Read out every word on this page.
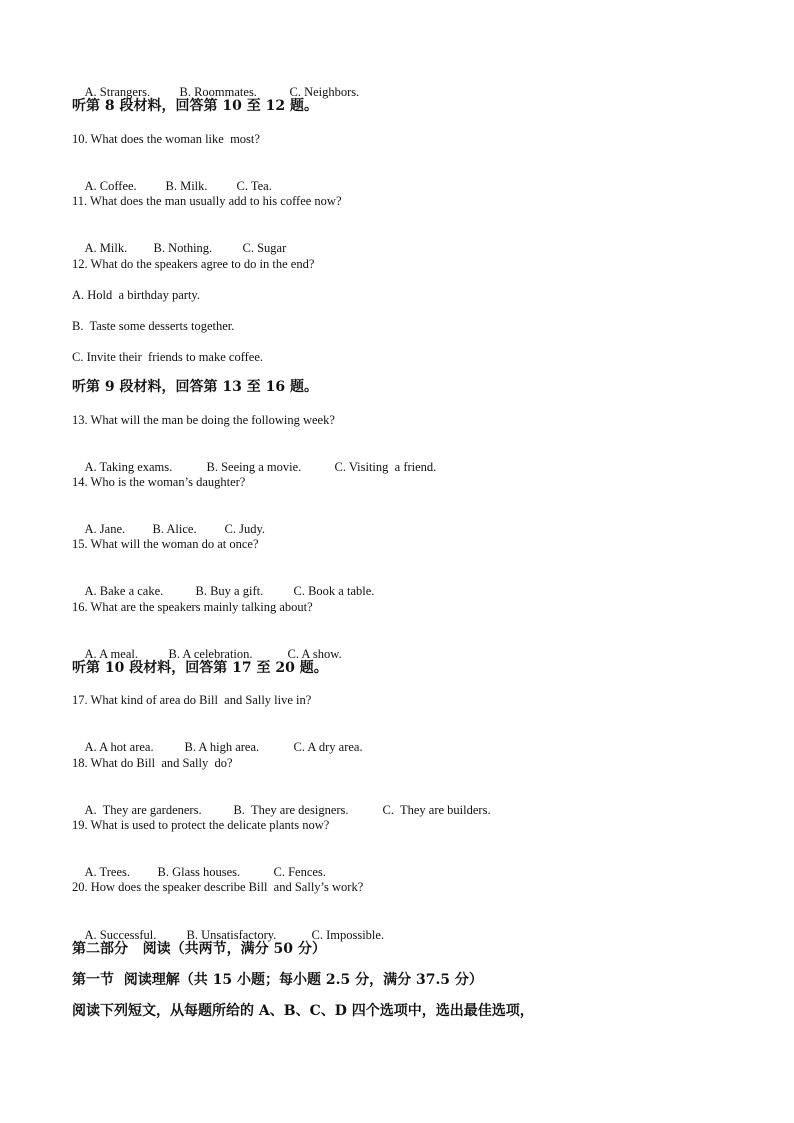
A. Strangers. B. Roommates.	C. Neighbors.

听第 8 段材料，回答第 10 至 12 题。
10. What does the woman like  most?

A. Coffee. B. Milk. C. Tea.

11. What does the man usually add to his coffee now?

A. Milk. B. Nothing. C. Sugar

12. What do the speakers agree to do in the end?
A. Hold  a birthday party.
B.  Taste some desserts together.
C. Invite their  friends to make coffee.
听第 9 段材料，回答第 13 至 16 题。
13. What will the man be doing the following week?

A. Taking exams.	B. Seeing a movie.	C. Visiting  a friend.

14. Who is the woman’s daughter?

A. Jane. B. Alice. C. Judy.

15. What will the woman do at once?

A. Bake a cake.	B. Buy a gift. C. Book a table.

16. What are the speakers mainly talking about?

A. A meal. B. A celebration.	C. A show.

听第 10 段材料，回答第 17 至 20 题。
17. What kind of area do Bill  and Sally live in?

A. A hot area. B. A high area.	C. A dry area.

18. What do Bill  and Sally  do?

A.  They are gardeners.	B.  They are designers.	C.  They are builders.

19. What is used to protect the delicate plants now?

A. Trees. B. Glass houses.	C. Fences.

20. How does the speaker describe Bill  and Sally’s work?

A. Successful. B. Unsatisfactory.	C. Impossible.

第二部分   阅读（共两节，满分 50 分）
第一节  阅读理解（共 15 小题；每小题 2.5 分，满分 37.5 分）
阅读下列短文，从每题所给的 A、B、C、D 四个选项中，选出最佳选项，
